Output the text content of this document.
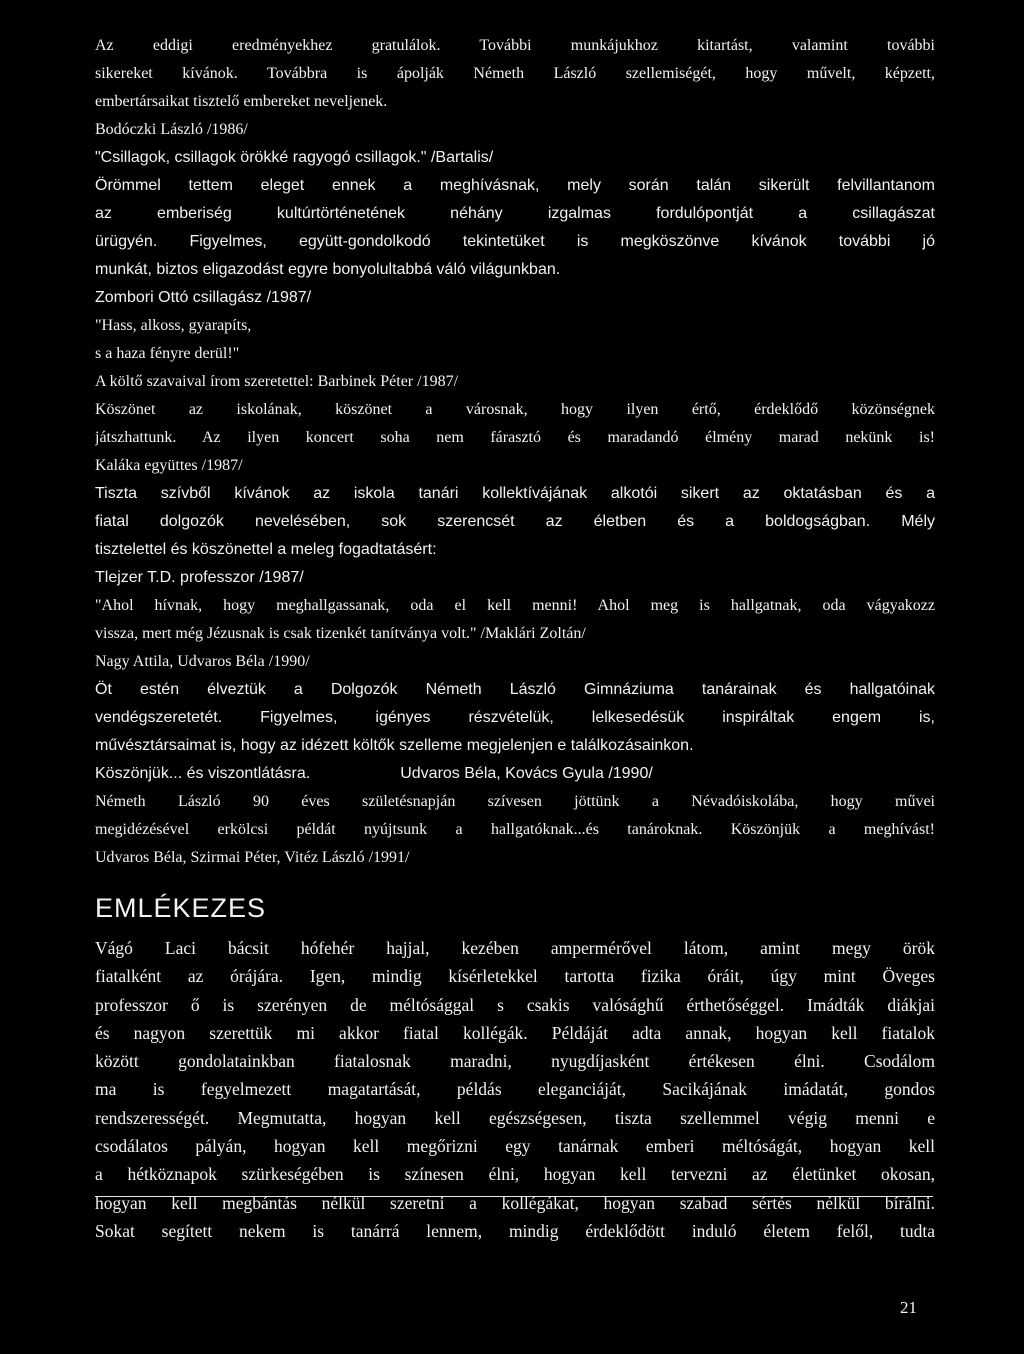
Az eddigi eredményekhez gratulálok. További munkájukhoz kitartást, valamint további
sikereket kívánok. Továbbra is ápolják Németh László szellemiségét, hogy művelt, képzett,
embertársaikat tisztelő embereket neveljenek.
Bodóczki László /1986/
"Csillagok, csillagok örökké ragyogó csillagok." /Bartalis/
Örömmel tettem eleget ennek a meghívásnak, mely során talán sikerült felvillantanom
az emberiség kultúrtörténetének néhány izgalmas fordulópontját a csillagászat
ürügyén. Figyelmes, együtt-gondolkodó tekintetüket is megköszönve kívánok további jó
munkát, biztos eligazodást egyre bonyolultabbá váló világunkban.
Zombori Ottó csillagász /1987/
"Hass, alkoss, gyarapíts,
s a haza fényre derül!"
A költő szavaival írom szeretettel: Barbinek Péter /1987/
Köszönet az iskolának, köszönet a városnak, hogy ilyen értő, érdeklődő közönségnek
játszhattunk. Az ilyen koncert soha nem fárasztó és maradandó élmény marad nekünk is!
Kaláka együttes /1987/
Tiszta szívből kívánok az iskola tanári kollektívájának alkotói sikert az oktatásban és a
fiatal dolgozók nevelésében, sok szerencsét az életben és a boldogságban. Mély
tisztelettel és köszönettel a meleg fogadtatásért:
Tlejzer T.D. professzor /1987/
"Ahol hívnak, hogy meghallgassanak, oda el kell menni! Ahol meg is hallgatnak, oda vágyakozz
vissza, mert még Jézusnak is csak tizenkét tanítványa volt." /Maklári Zoltán/
Nagy Attila, Udvaros Béla /1990/
Öt estén élveztük a Dolgozók Németh László Gimnáziuma tanárainak és hallgatóinak
vendégszeretetét. Figyelmes, igényes részvételük, lelkesedésük inspiráltak engem is,
művésztársaimat is, hogy az idézett költők szelleme megjelenjen e találkozásainkon.
Köszönjük... és viszontlátásra.	Udvaros Béla, Kovács Gyula /1990/
Németh László 90 éves születésnapján szívesen jöttünk a Névadóiskolába, hogy művei
megidézésével erkölcsi példát nyújtsunk a hallgatóknak...és tanároknak. Köszönjük a meghívást!
Udvaros Béla, Szirmai Péter, Vitéz László /1991/
EMLÉKEZES
Vágó Laci bácsit hófehér hajjal, kezében ampermérővel látom, amint megy örök
fiatalként az órájára. Igen, mindig kísérletekkel tartotta fizika óráit, úgy mint Öveges
professzor ő is szerényen de méltósággal s csakis valósághű érthetőséggel. Imádták diákjai
és nagyon szerettük mi akkor fiatal kollégák. Példáját adta annak, hogyan kell fiatalok
között gondolatainkban fiatalosnak maradni, nyugdíjasként értékesen élni. Csodálom
ma is fegyelmezett magatartását, példás eleganciáját, Sacikájának imádatát, gondos
rendszerességét. Megmutatta, hogyan kell egészségesen, tiszta szellemmel végig menni e
csodálatos pályán, hogyan kell megőrizni egy tanárnak emberi méltóságát, hogyan kell
a hétköznapok szürkeségében is színesen élni, hogyan kell tervezni az életünket okosan,
hogyan kell megbántás nélkül szeretni a kollégákat, hogyan szabad sértés nélkül bírálni.
Sokat segített nekem is tanárrá lennem, mindig érdeklődött induló életem felől, tudta
21
